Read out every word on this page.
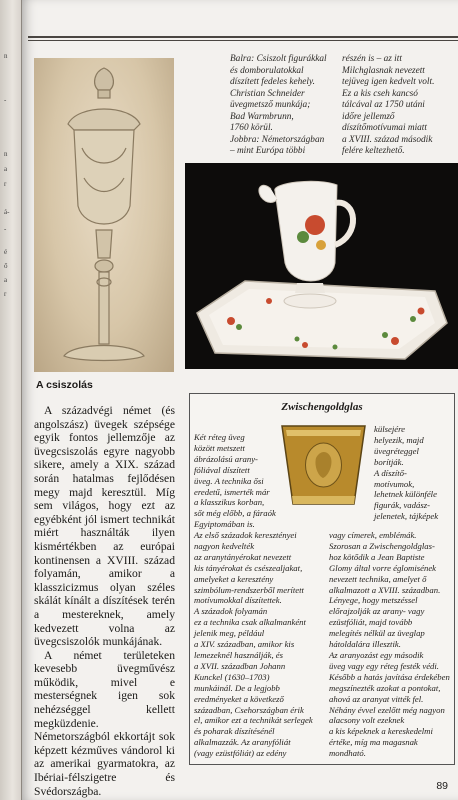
n
-
n
a
r
á-
-
é
ő
a
r
Balra: Csiszolt figurákkal
és domborulatokkal
díszített fedeles kehely.
Christian Schneider
üvegmetsző munkája;
Bad Warmbrunn,
1760 körül.
Jobbra: Németországban
– mint Európa többi
részén is – az itt
Milchglasnak nevezett
tejüveg igen kedvelt volt.
Ez a kis cseh kancsó
tálcával az 1750 utáni
időre jellemző
díszítőmotívumai miatt
a XVIII. század második
felére keltezhető.
A csiszolás

A századvégi német (és angolszász) üvegek szépsége egyik fontos jellemzője az üvegcsiszolás egyre nagyobb sikere, amely a XIX. század során hatalmas fejlődésen megy majd keresztül. Míg sem világos, hogy ezt az egyébként jól ismert technikát miért használták ilyen kismértékben az európai kontinensen a XVIII. század folyamán, amikor a klasszicizmus olyan széles skálát kínált a díszítések terén a mestereknek, amely kedvezett volna az üvegcsiszolók munkájának.

A német területeken kevesebb üvegművész működik, mivel e mesterségnek igen sok nehézséggel kellett megküzdenie. Németországból ekkortájt sok képzett kézműves vándorol ki az amerikai gyarmatokra, az Ibériai-félszigetre és Svédországba.

Zwischengoldglas
Két réteg üveg
között metszett
ábrázolású arany-
fóliával díszített
üveg. A technika ősi
eredetű, ismerték már
a klasszikus korban,
sőt még előbb, a fáraók
Egyiptomában is.
külsejére
helyezik, majd
üvegréteggel
borítják.
A díszítő-
motívumok,
lehetnek különféle
figurák, vadász-
jelenetek, tájképek
Az első századok keresztényei
nagyon kedvelték
az aranytányérokat nevezett
kis tányérokat és csészealjakat,
amelyeket a keresztény
szimbólum-rendszerből merített
motívumokkal díszítettek.
A századok folyamán
ez a technika csak alkalmanként
jelenik meg, például
a XIV. században, amikor kis
lemezeknél használják, és
a XVII. században Johann
Kunckel (1630–1703)
munkáinál. De a legjobb
eredményeket a következő
században, Csehországban érik
el, amikor ezt a technikát serlegek
és poharak díszítésénél
alkalmazzák. Az aranyfóliát
(vagy ezüstfóliát) az edény
vagy címerek, emblémák.
Szorosan a Zwischengoldglas-
hoz kötődik a Jean Baptiste
Glomy által vorre églomisének
nevezett technika, amelyet ő
alkalmazott a XVIII. században.
Lényege, hogy metszéssel
előrajzolják az arany- vagy
ezüstfóliát, majd tovább
melegítés nélkül az üveglap
hátoldalára illesztik.
Az aranyozást egy második
üveg vagy egy réteg festék védi.
Később a hatás javítása érdekében
megszínezték azokat a pontokat,
ahová az aranyat vitték fel.
Néhány évvel ezelőtt még nagyon
alacsony volt ezeknek
a kis képeknek a kereskedelmi
értéke, míg ma magasnak
mondható.
89
